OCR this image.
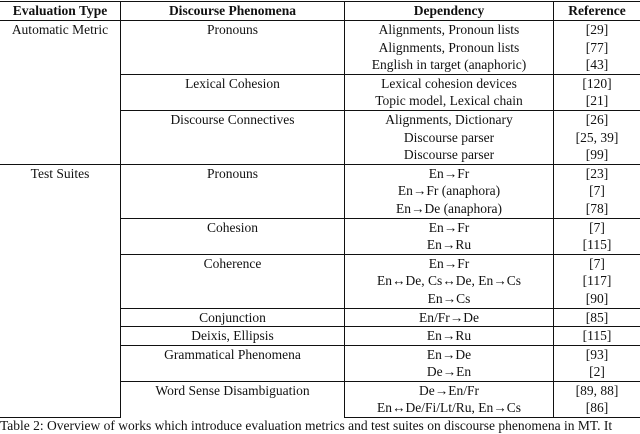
Evaluation Type	Discourse Phenomena	Dependency	Reference
Automatic Metric	Pronouns	Alignments, Pronoun lists	[29]
		Alignments, Pronoun lists	[77]
		English in target (anaphoric)	[43]
	Lexical Cohesion	Lexical cohesion devices	[120]
		Topic model, Lexical chain	[21]
	Discourse Connectives	Alignments, Dictionary	[26]
		Discourse parser	[25, 39]
		Discourse parser	[99]
Test Suites	Pronouns	En→Fr	[23]
		En→Fr (anaphora)	[7]
		En→De (anaphora)	[78]
	Cohesion	En→Fr	[7]
		En→Ru	[115]
	Coherence	En→Fr	[7]
		En↔De, Cs↔De, En→Cs	[117]
		En→Cs	[90]
	Conjunction	En/Fr→De	[85]
	Deixis, Ellipsis	En→Ru	[115]
	Grammatical Phenomena	En→De	[93]
		De→En	[2]
	Word Sense Disambiguation	De→En/Fr	[89, 88]
		En↔De/Fi/Lt/Ru, En→Cs	[86]
Table 2: Overview of works which introduce evaluation metrics and test suites on discourse phenomena in MT. It
